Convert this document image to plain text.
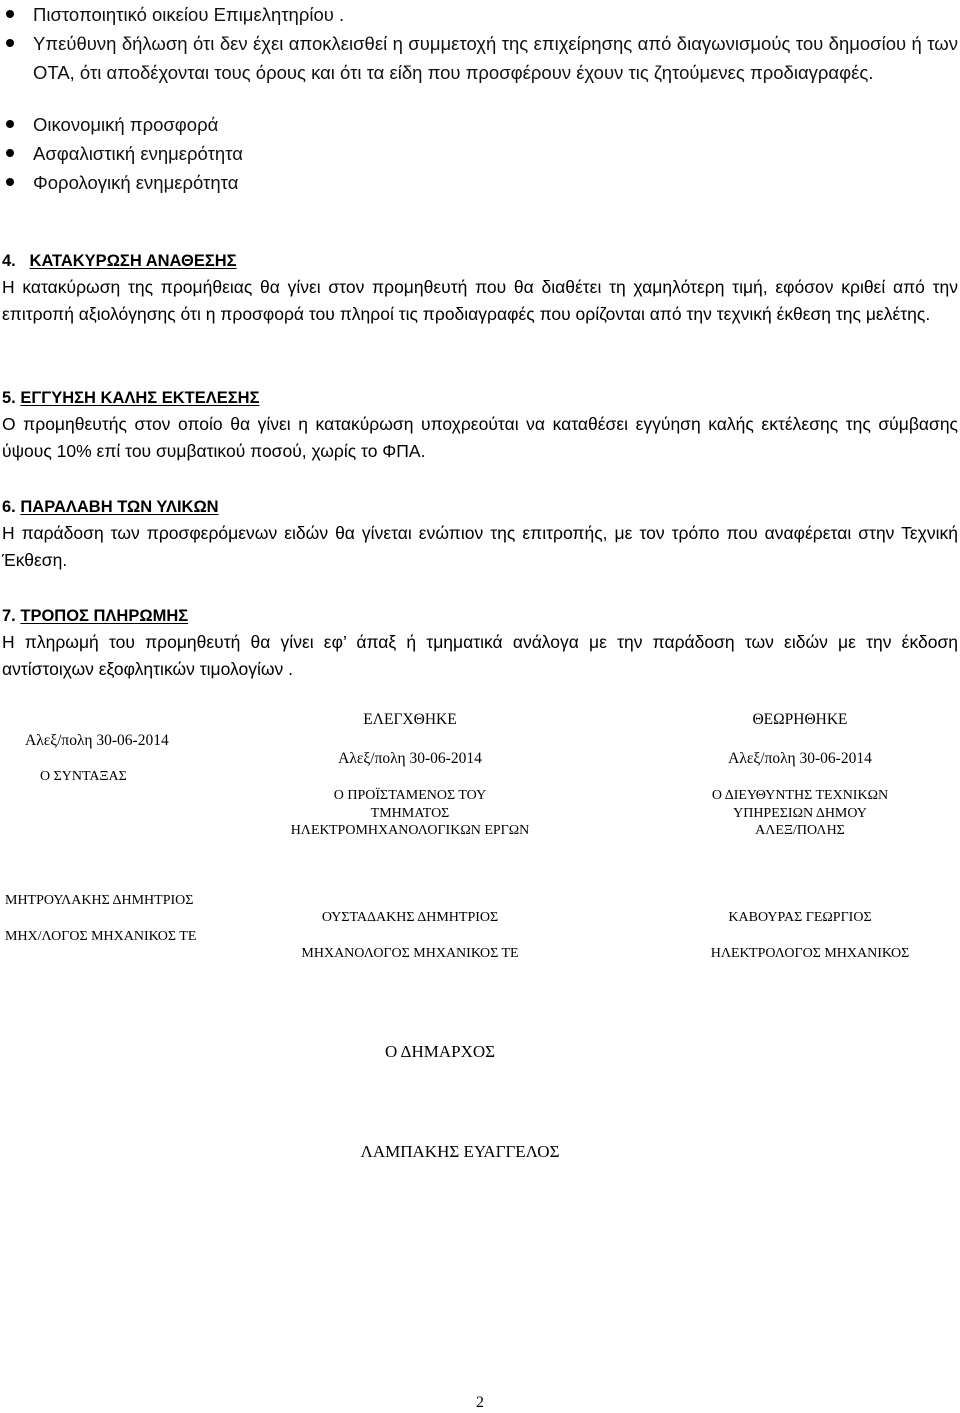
Πιστοποιητικό οικείου Επιμελητηρίου .
Υπεύθυνη δήλωση ότι δεν έχει αποκλεισθεί η συμμετοχή της επιχείρησης από διαγωνισμούς του δημοσίου ή των ΟΤΑ, ότι αποδέχονται τους όρους και ότι τα είδη που προσφέρουν έχουν τις ζητούμενες προδιαγραφές.
Οικονομική προσφορά
Ασφαλιστική ενημερότητα
Φορολογική ενημερότητα
4. ΚΑΤΑΚΥΡΩΣΗ ΑΝΑΘΕΣΗΣ
Η κατακύρωση της προμήθειας θα γίνει στον προμηθευτή που θα διαθέτει τη χαμηλότερη τιμή, εφόσον κριθεί από την επιτροπή αξιολόγησης ότι η προσφορά του πληροί τις προδιαγραφές που ορίζονται από την τεχνική έκθεση της μελέτης.
5. ΕΓΓΥΗΣΗ ΚΑΛΗΣ ΕΚΤΕΛΕΣΗΣ
Ο προμηθευτής στον οποίο θα γίνει η κατακύρωση υποχρεούται να καταθέσει εγγύηση καλής εκτέλεσης της σύμβασης ύψους 10% επί του συμβατικού ποσού, χωρίς το ΦΠΑ.
6. ΠΑΡΑΛΑΒΗ ΤΩΝ ΥΛΙΚΩΝ
Η παράδοση των προσφερόμενων ειδών θα γίνεται ενώπιον της επιτροπής, με τον τρόπο που αναφέρεται στην Τεχνική Έκθεση.
7. ΤΡΟΠΟΣ ΠΛΗΡΩΜΗΣ
Η πληρωμή του προμηθευτή θα γίνει εφ’ άπαξ ή τμηματικά ανάλογα με την παράδοση των ειδών με την έκδοση αντίστοιχων εξοφλητικών τιμολογίων .
Αλεξ/πολη 30-06-2014
Ο ΣΥΝΤΑΞΑΣ
ΜΗΤΡΟΥΛΑΚΗΣ ΔΗΜΗΤΡΙΟΣ
ΜΗΧ/ΛΟΓΟΣ ΜΗΧΑΝΙΚΟΣ ΤΕ
ΕΛΕΓΧΘΗΚΕ
Αλεξ/πολη 30-06-2014
Ο ΠΡΟΪΣΤΑΜΕΝΟΣ ΤΟΥ
ΤΜΗΜΑΤΟΣ
ΗΛΕΚΤΡΟΜΗΧΑΝΟΛΟΓΙΚΩΝ ΕΡΓΩΝ
ΟΥΣΤΑΔΑΚΗΣ ΔΗΜΗΤΡΙΟΣ
ΜΗΧΑΝΟΛΟΓΟΣ ΜΗΧΑΝΙΚΟΣ ΤΕ
ΘΕΩΡΗΘΗΚΕ
Αλεξ/πολη 30-06-2014
Ο ΔΙΕΥΘΥΝΤΗΣ ΤΕΧΝΙΚΩΝ
ΥΠΗΡΕΣΙΩΝ ΔΗΜΟΥ
ΑΛΕΞ/ΠΟΛΗΣ
ΚΑΒΟΥΡΑΣ ΓΕΩΡΓΙΟΣ
ΗΛΕΚΤΡΟΛΟΓΟΣ ΜΗΧΑΝΙΚΟΣ
Ο ΔΗΜΑΡΧΟΣ
ΛΑΜΠΑΚΗΣ ΕΥΑΓΓΕΛΟΣ
2
